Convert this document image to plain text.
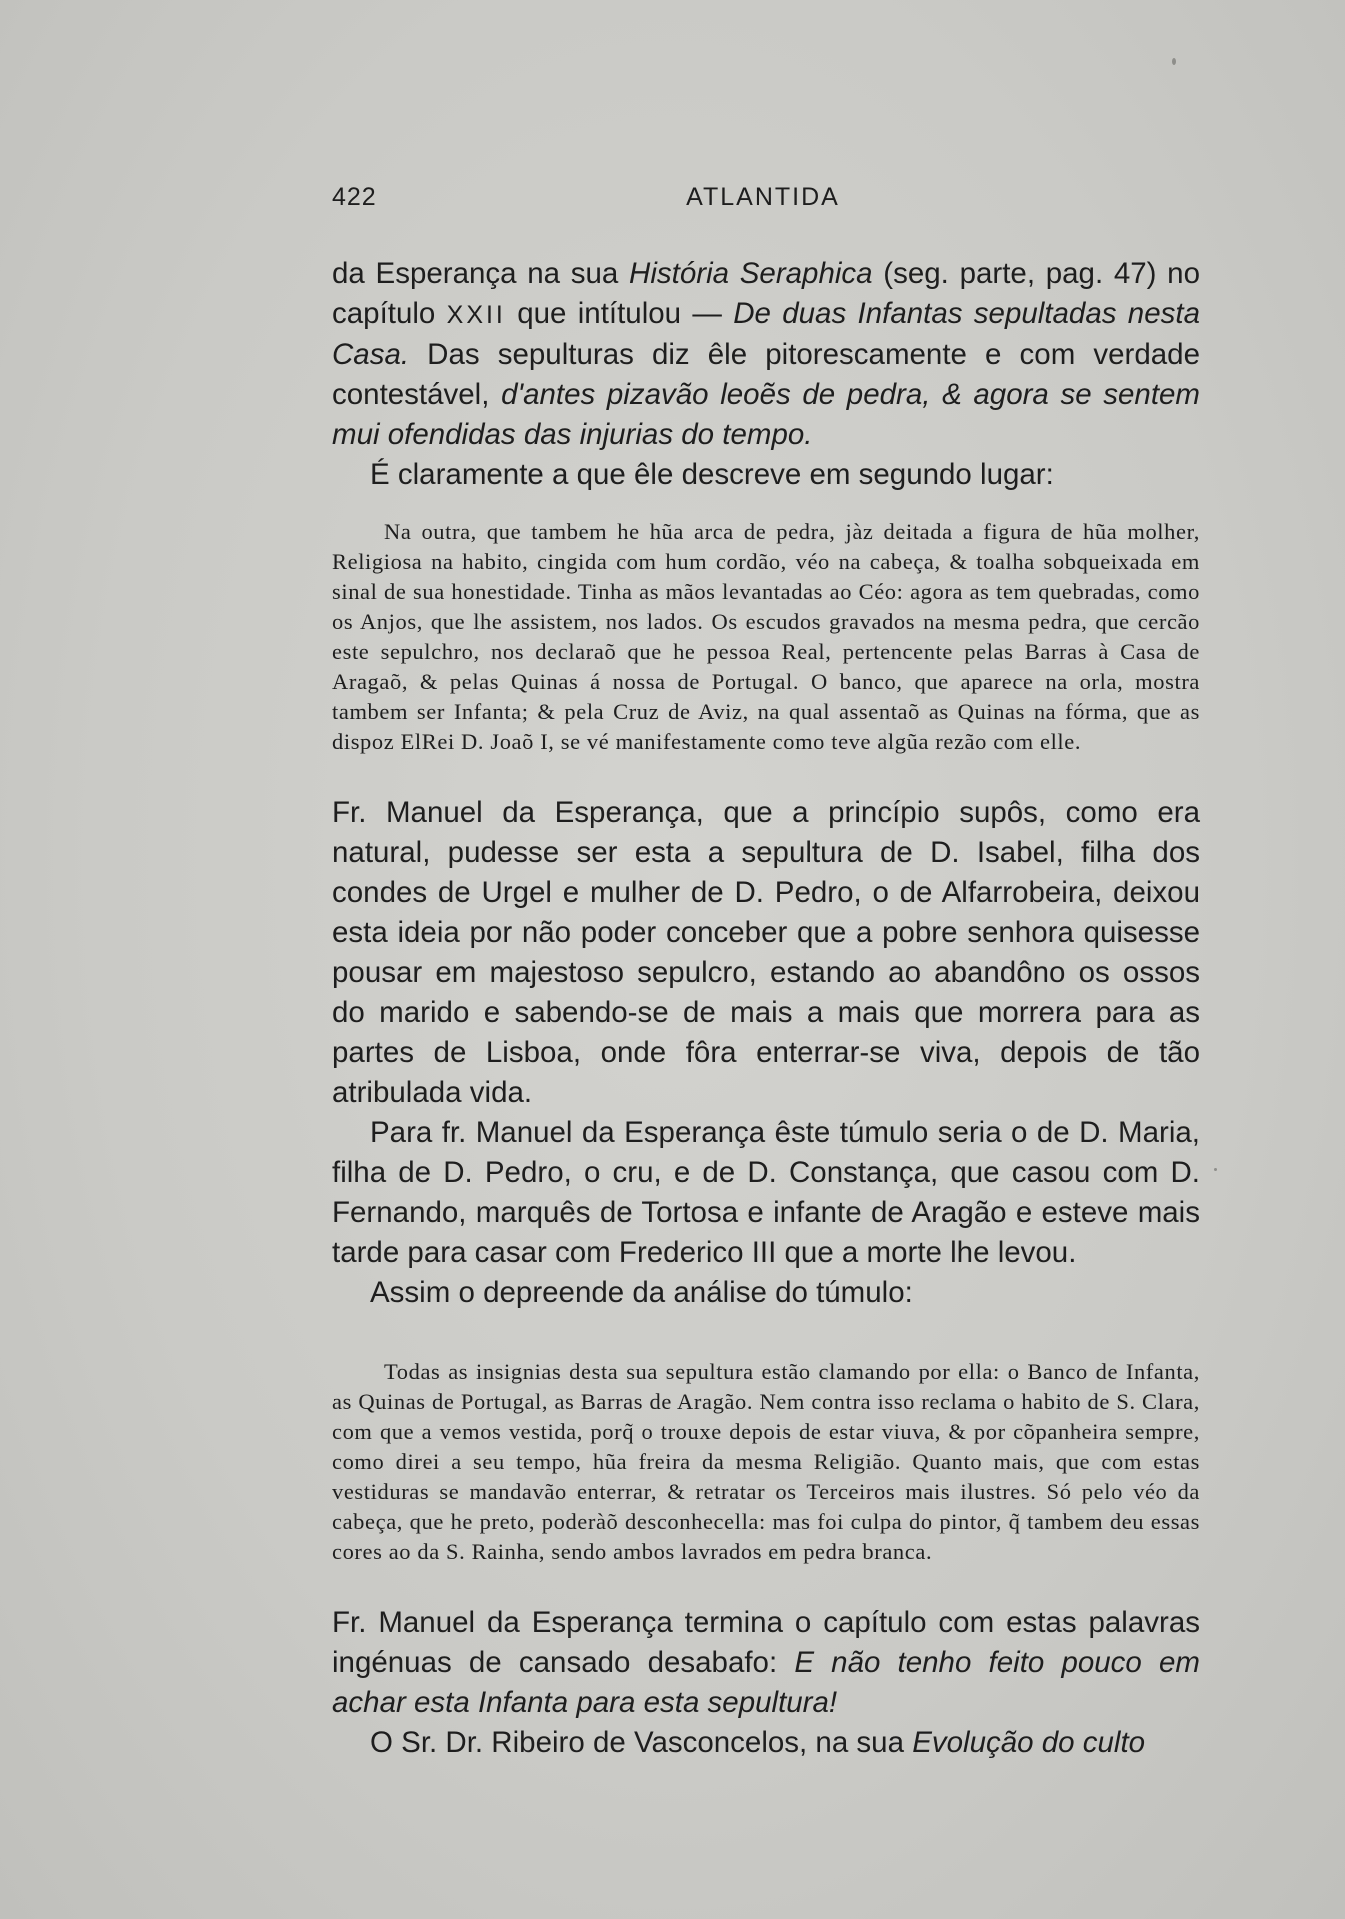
422	ATLANTIDA

da Esperança na sua História Seraphica (seg. parte, pag. 47) no capítulo XXII que intítulou — De duas Infantas sepultadas nesta Casa. Das sepulturas diz êle pitorescamente e com verdade contestável, d'antes pizavão leoẽs de pedra, & agora se sentem mui ofendidas das injurias do tempo.

É claramente a que êle descreve em segundo lugar:

Na outra, que tambem he hũa arca de pedra, jàz deitada a figura de hũa molher, Religiosa na habito, cingida com hum cordão, véo na cabeça, & toalha sobqueixada em sinal de sua honestidade. Tinha as mãos levantadas ao Céo: agora as tem quebradas, como os Anjos, que lhe assistem, nos lados. Os escudos gravados na mesma pedra, que cercão este sepulchro, nos declaraõ que he pessoa Real, pertencente pelas Barras à Casa de Aragaõ, & pelas Quinas á nossa de Portugal. O banco, que aparece na orla, mostra tambem ser Infanta; & pela Cruz de Aviz, na qual assentaõ as Quinas na fórma, que as dispoz ElRei D. Joaõ I, se vé manifestamente como teve algũa rezão com elle.

Fr. Manuel da Esperança, que a princípio supôs, como era natural, pudesse ser esta a sepultura de D. Isabel, filha dos condes de Urgel e mulher de D. Pedro, o de Alfarrobeira, deixou esta ideia por não poder conceber que a pobre senhora quisesse pousar em majestoso sepulcro, estando ao abandôno os ossos do marido e sabendo-se de mais a mais que morrera para as partes de Lisboa, onde fôra enterrar-se viva, depois de tão atribulada vida.

Para fr. Manuel da Esperança êste túmulo seria o de D. Maria, filha de D. Pedro, o cru, e de D. Constança, que casou com D. Fernando, marquês de Tortosa e infante de Aragão e esteve mais tarde para casar com Frederico III que a morte lhe levou.

Assim o depreende da análise do túmulo:

Todas as insignias desta sua sepultura estão clamando por ella: o Banco de Infanta, as Quinas de Portugal, as Barras de Aragão. Nem contra isso reclama o habito de S. Clara, com que a vemos vestida, porq̃ o trouxe depois de estar viuva, & por cõpanheira sempre, como direi a seu tempo, hũa freira da mesma Religião. Quanto mais, que com estas vestiduras se mandavão enterrar, & retratar os Terceiros mais ilustres. Só pelo véo da cabeça, que he preto, poderàõ desconhecella: mas foi culpa do pintor, q̃ tambem deu essas cores ao da S. Rainha, sendo ambos lavrados em pedra branca.

Fr. Manuel da Esperança termina o capítulo com estas palavras ingénuas de cansado desabafo: E não tenho feito pouco em achar esta Infanta para esta sepultura!

O Sr. Dr. Ribeiro de Vasconcelos, na sua Evolução do culto
